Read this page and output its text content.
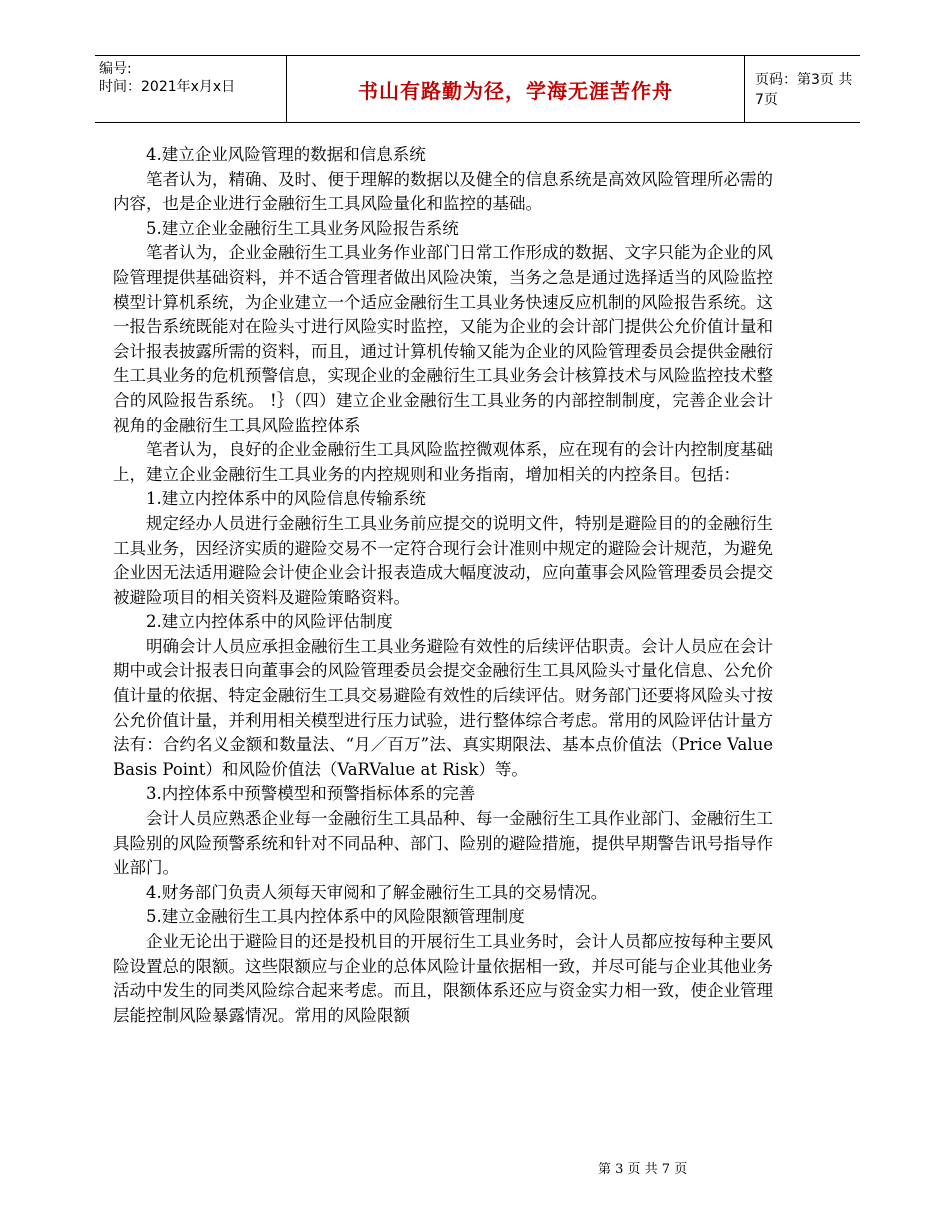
编号:
时间：2021年x月x日	书山有路勤为径，学海无涯苦作舟	页码：第3页 共7页

4.建立企业风险管理的数据和信息系统

笔者认为，精确、及时、便于理解的数据以及健全的信息系统是高效风险管理所必需的内容，也是企业进行金融衍生工具风险量化和监控的基础。

5.建立企业金融衍生工具业务风险报告系统

笔者认为，企业金融衍生工具业务作业部门日常工作形成的数据、文字只能为企业的风险管理提供基础资料，并不适合管理者做出风险决策，当务之急是通过选择适当的风险监控模型计算机系统，为企业建立一个适应金融衍生工具业务快速反应机制的风险报告系统。这一报告系统既能对在险头寸进行风险实时监控，又能为企业的会计部门提供公允价值计量和会计报表披露所需的资料，而且，通过计算机传输又能为企业的风险管理委员会提供金融衍生工具业务的危机预警信息，实现企业的金融衍生工具业务会计核算技术与风险监控技术整合的风险报告系统。 !｝（四）建立企业金融衍生工具业务的内部控制制度，完善企业会计视角的金融衍生工具风险监控体系

笔者认为，良好的企业金融衍生工具风险监控微观体系，应在现有的会计内控制度基础上，建立企业金融衍生工具业务的内控规则和业务指南，增加相关的内控条目。包括：

1.建立内控体系中的风险信息传输系统

规定经办人员进行金融衍生工具业务前应提交的说明文件，特别是避险目的的金融衍生工具业务，因经济实质的避险交易不一定符合现行会计准则中规定的避险会计规范，为避免企业因无法适用避险会计使企业会计报表造成大幅度波动，应向董事会风险管理委员会提交被避险项目的相关资料及避险策略资料。

2.建立内控体系中的风险评估制度

明确会计人员应承担金融衍生工具业务避险有效性的后续评估职责。会计人员应在会计期中或会计报表日向董事会的风险管理委员会提交金融衍生工具风险头寸量化信息、公允价值计量的依据、特定金融衍生工具交易避险有效性的后续评估。财务部门还要将风险头寸按公允价值计量，并利用相关模型进行压力试验，进行整体综合考虑。常用的风险评估计量方法有：合约名义金额和数量法、“月／百万”法、真实期限法、基本点价值法（Price Value Basis Point）和风险价值法（VaRValue at Risk）等。

3.内控体系中预警模型和预警指标体系的完善

会计人员应熟悉企业每一金融衍生工具品种、每一金融衍生工具作业部门、金融衍生工具险别的风险预警系统和针对不同品种、部门、险别的避险措施，提供早期警告讯号指导作业部门。

4.财务部门负责人须每天审阅和了解金融衍生工具的交易情况。

5.建立金融衍生工具内控体系中的风险限额管理制度

企业无论出于避险目的还是投机目的开展衍生工具业务时，会计人员都应按每种主要风险设置总的限额。这些限额应与企业的总体风险计量依据相一致，并尽可能与企业其他业务活动中发生的同类风险综合起来考虑。而且，限额体系还应与资金实力相一致，使企业管理层能控制风险暴露情况。常用的风险限额

第 3 页 共 7 页
